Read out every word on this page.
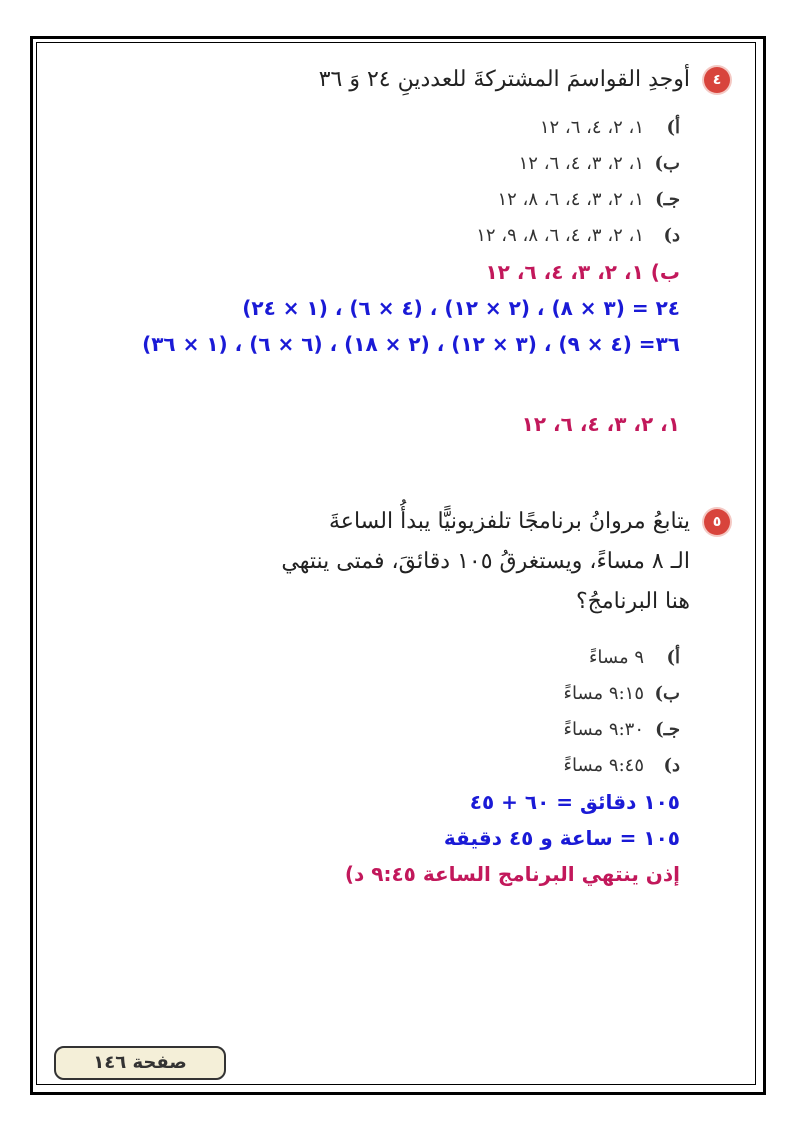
٤
أوجدِ القواسمَ المشتركةَ للعددينِ ٢٤ وَ ٣٦
أ)١، ٢، ٤، ٦، ١٢
ب)١، ٢، ٣، ٤، ٦، ١٢
جـ)١، ٢، ٣، ٤، ٦، ٨، ١٢
د)١، ٢، ٣، ٤، ٦، ٨، ٩، ١٢
ب) ١، ٢، ٣، ٤، ٦، ١٢
٢٤ = (٣ × ٨) ، (٢ × ١٢) ، (٤ × ٦) ، (١ × ٢٤)
٣٦= (٤ × ٩) ، (٣ × ١٢) ، (٢ × ١٨) ، (٦ × ٦) ، (١ × ٣٦)
١، ٢، ٣، ٤، ٦، ١٢
٥
يتابعُ مروانُ برنامجًا تلفزيونيًّا يبدأُ الساعةَ
الـ ٨ مساءً، ويستغرقُ ١٠٥ دقائقَ، فمتى ينتهي
هنا البرنامجُ؟
أ)٩ مساءً
ب)٩:١٥ مساءً
جـ)٩:٣٠ مساءً
د)٩:٤٥ مساءً
١٠٥ دقائق = ٦٠ + ٤٥
١٠٥ = ساعة و ٤٥ دقيقة
إذن ينتهي البرنامج الساعة ٩:٤٥ د)
صفحة ١٤٦
